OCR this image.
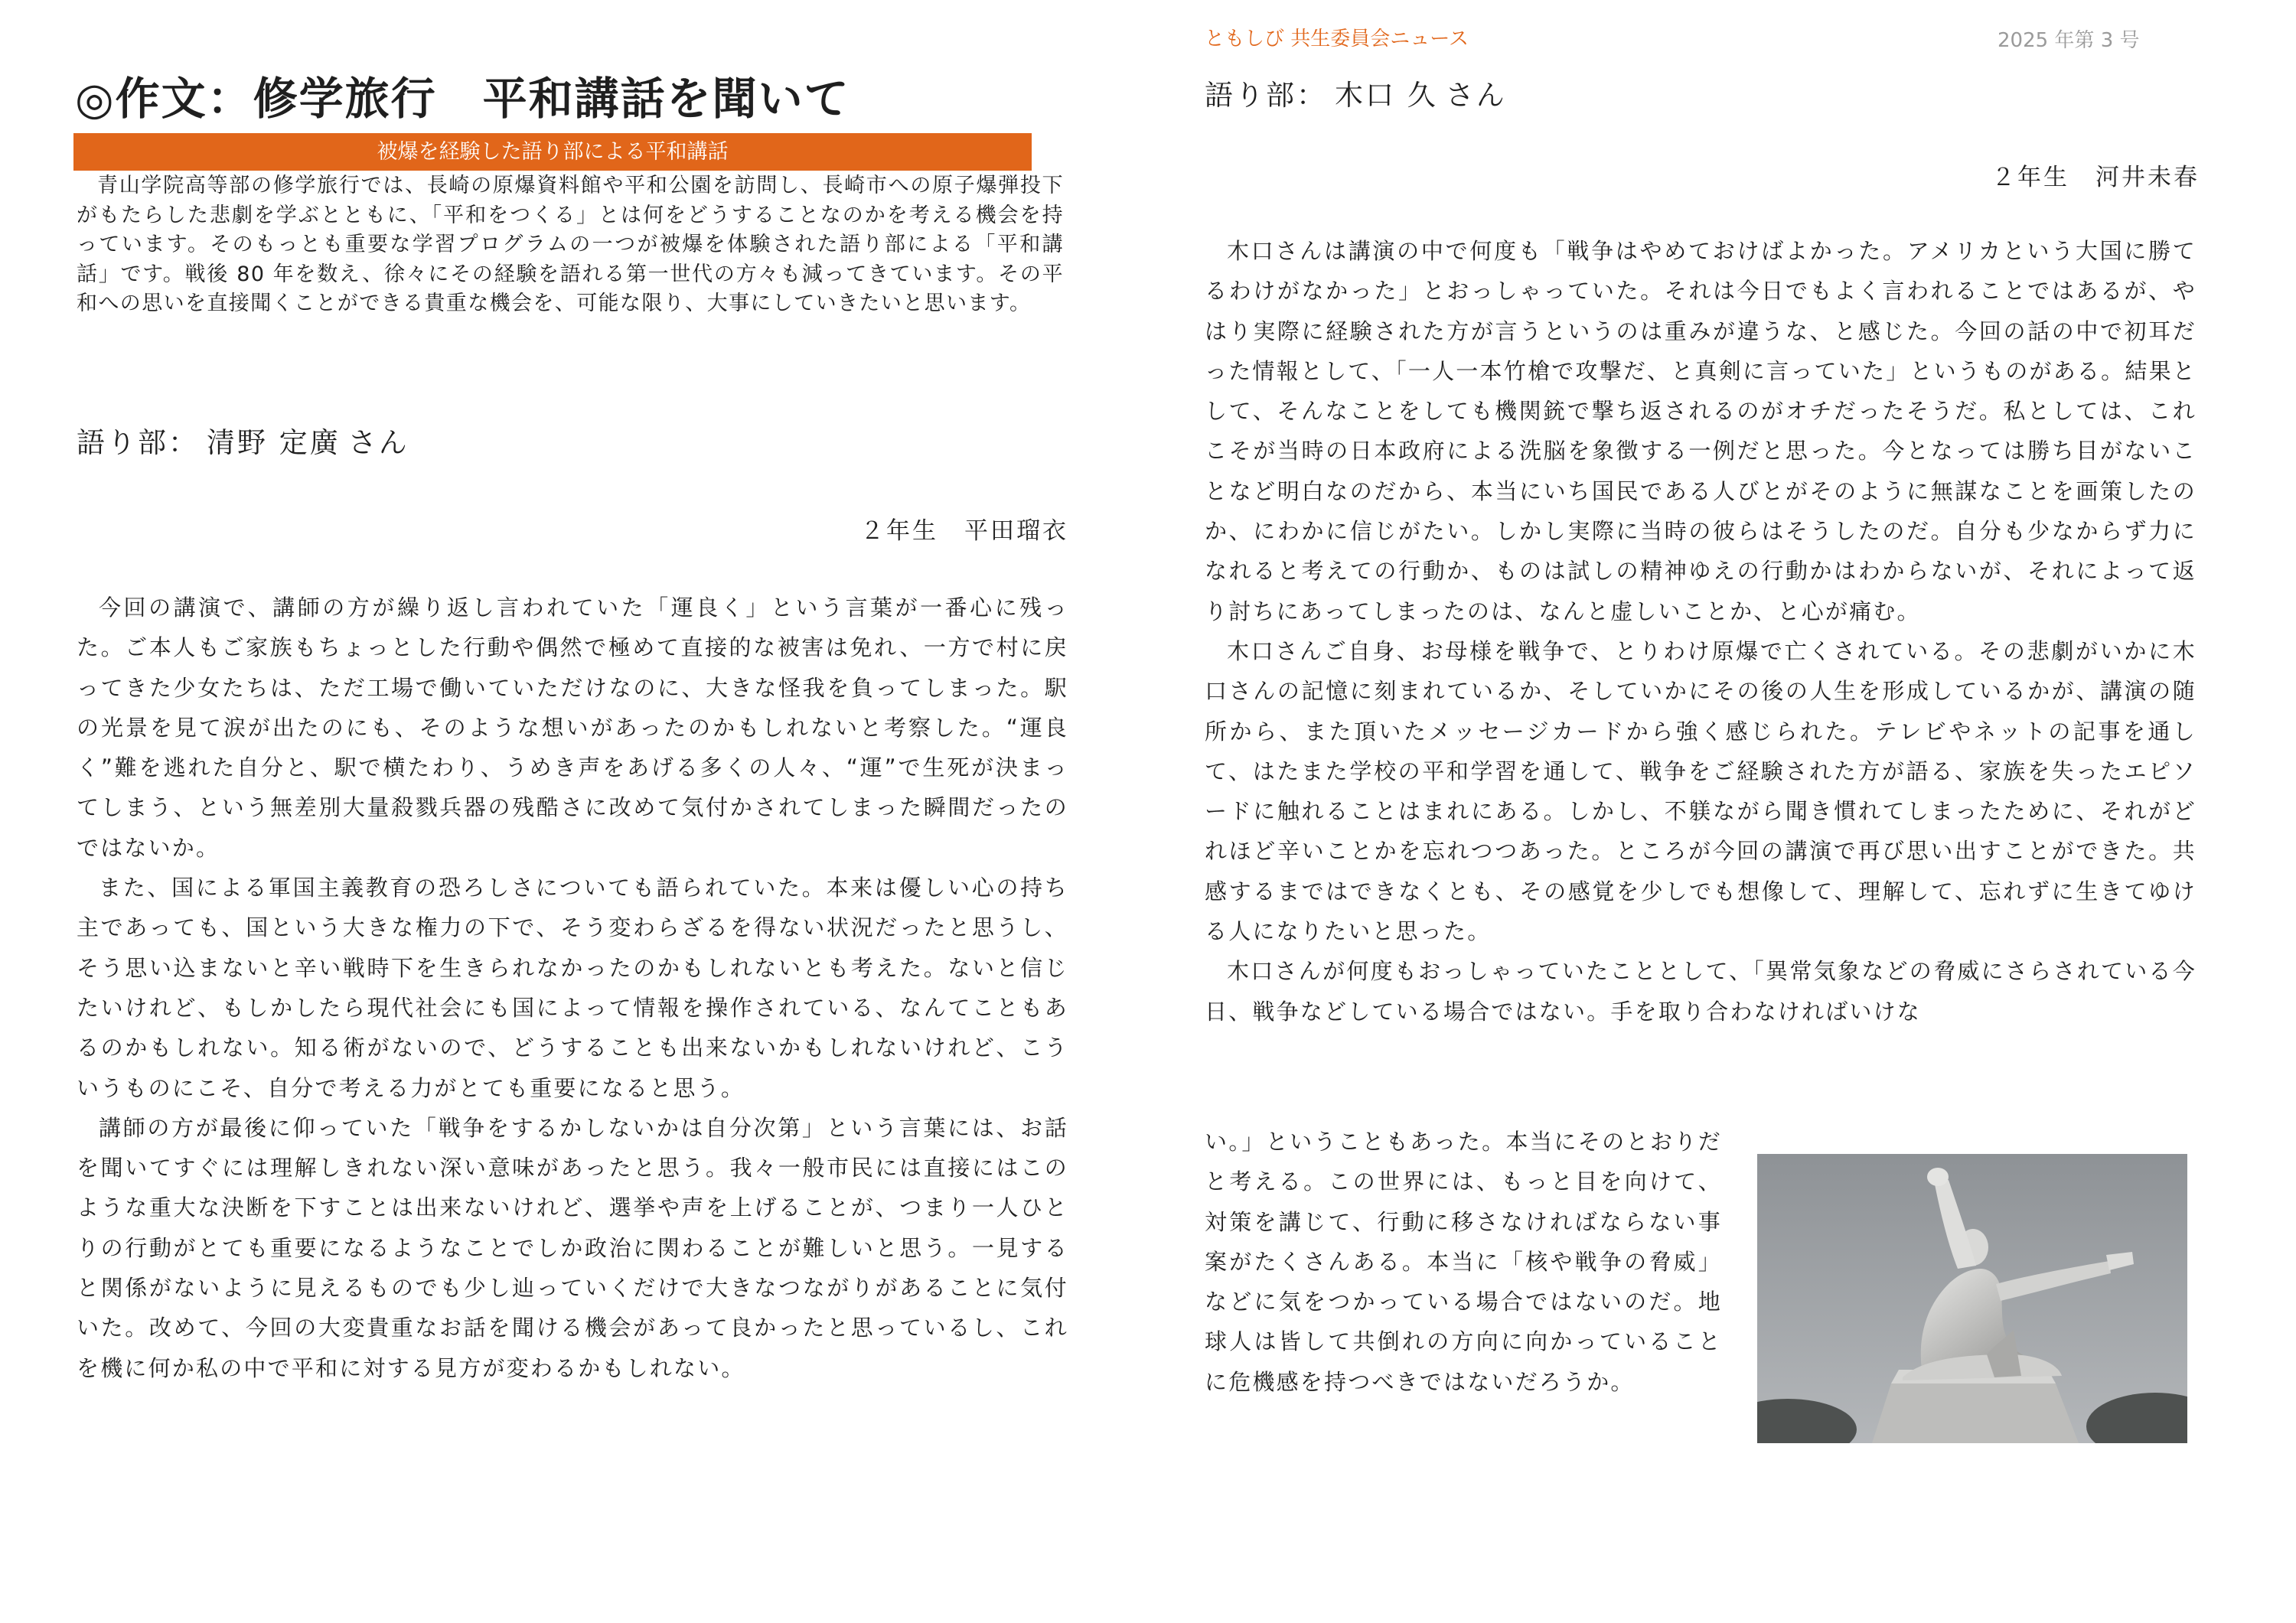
◎作文：修学旅行　平和講話を聞いて
被爆を経験した語り部による平和講話

青山学院高等部の修学旅行では、長崎の原爆資料館や平和公園を訪問し、長崎市への原子爆弾投下がもたらした悲劇を学ぶとともに、「平和をつくる」とは何をどうすることなのかを考える機会を持っています。そのもっとも重要な学習プログラムの一つが被爆を体験された語り部による「平和講話」です。戦後 80 年を数え、徐々にその経験を語れる第一世代の方々も減ってきています。その平和への思いを直接聞くことができる貴重な機会を、可能な限り、大事にしていきたいと思います。

語り部： 清野 定廣 さん

２年生　平田瑠衣

今回の講演で、講師の方が繰り返し言われていた「運良く」という言葉が一番心に残った。ご本人もご家族もちょっとした行動や偶然で極めて直接的な被害は免れ、一方で村に戻ってきた少女たちは、ただ工場で働いていただけなのに、大きな怪我を負ってしまった。駅の光景を見て涙が出たのにも、そのような想いがあったのかもしれないと考察した。“運良く”難を逃れた自分と、駅で横たわり、うめき声をあげる多くの人々、“運”で生死が決まってしまう、という無差別大量殺戮兵器の残酷さに改めて気付かされてしまった瞬間だったのではないか。

また、国による軍国主義教育の恐ろしさについても語られていた。本来は優しい心の持ち主であっても、国という大きな権力の下で、そう変わらざるを得ない状況だったと思うし、そう思い込まないと辛い戦時下を生きられなかったのかもしれないとも考えた。ないと信じたいけれど、もしかしたら現代社会にも国によって情報を操作されている、なんてこともあるのかもしれない。知る術がないので、どうすることも出来ないかもしれないけれど、こういうものにこそ、自分で考える力がとても重要になると思う。

講師の方が最後に仰っていた「戦争をするかしないかは自分次第」という言葉には、お話を聞いてすぐには理解しきれない深い意味があったと思う。我々一般市民には直接にはこのような重大な決断を下すことは出来ないけれど、選挙や声を上げることが、つまり一人ひとりの行動がとても重要になるようなことでしか政治に関わることが難しいと思う。一見すると関係がないように見えるものでも少し辿っていくだけで大きなつながりがあることに気付いた。改めて、今回の大変貴重なお話を聞ける機会があって良かったと思っているし、これを機に何か私の中で平和に対する見方が変わるかもしれない。

ともしび 共生委員会ニュース	2025 年第 3 号

語り部： 木口 久 さん

２年生　河井未春

木口さんは講演の中で何度も「戦争はやめておけばよかった。アメリカという大国に勝てるわけがなかった」とおっしゃっていた。それは今日でもよく言われることではあるが、やはり実際に経験された方が言うというのは重みが違うな、と感じた。今回の話の中で初耳だった情報として、「一人一本竹槍で攻撃だ、と真剣に言っていた」というものがある。結果として、そんなことをしても機関銃で撃ち返されるのがオチだったそうだ。私としては、これこそが当時の日本政府による洗脳を象徴する一例だと思った。今となっては勝ち目がないことなど明白なのだから、本当にいち国民である人びとがそのように無謀なことを画策したのか、にわかに信じがたい。しかし実際に当時の彼らはそうしたのだ。自分も少なからず力になれると考えての行動か、ものは試しの精神ゆえの行動かはわからないが、それによって返り討ちにあってしまったのは、なんと虚しいことか、と心が痛む。

木口さんご自身、お母様を戦争で、とりわけ原爆で亡くされている。その悲劇がいかに木口さんの記憶に刻まれているか、そしていかにその後の人生を形成しているかが、講演の随所から、また頂いたメッセージカードから強く感じられた。テレビやネットの記事を通して、はたまた学校の平和学習を通して、戦争をご経験された方が語る、家族を失ったエピソードに触れることはまれにある。しかし、不躾ながら聞き慣れてしまったために、それがどれほど辛いことかを忘れつつあった。ところが今回の講演で再び思い出すことができた。共感するまではできなくとも、その感覚を少しでも想像して、理解して、忘れずに生きてゆける人になりたいと思った。

木口さんが何度もおっしゃっていたこととして、「異常気象などの脅威にさらされている今日、戦争などしている場合ではない。手を取り合わなければいけな

い。」ということもあった。本当にそのとおりだと考える。この世界には、もっと目を向けて、対策を講じて、行動に移さなければならない事案がたくさんある。本当に「核や戦争の脅威」などに気をつかっている場合ではないのだ。地球人は皆して共倒れの方向に向かっていることに危機感を持つべきではないだろうか。
